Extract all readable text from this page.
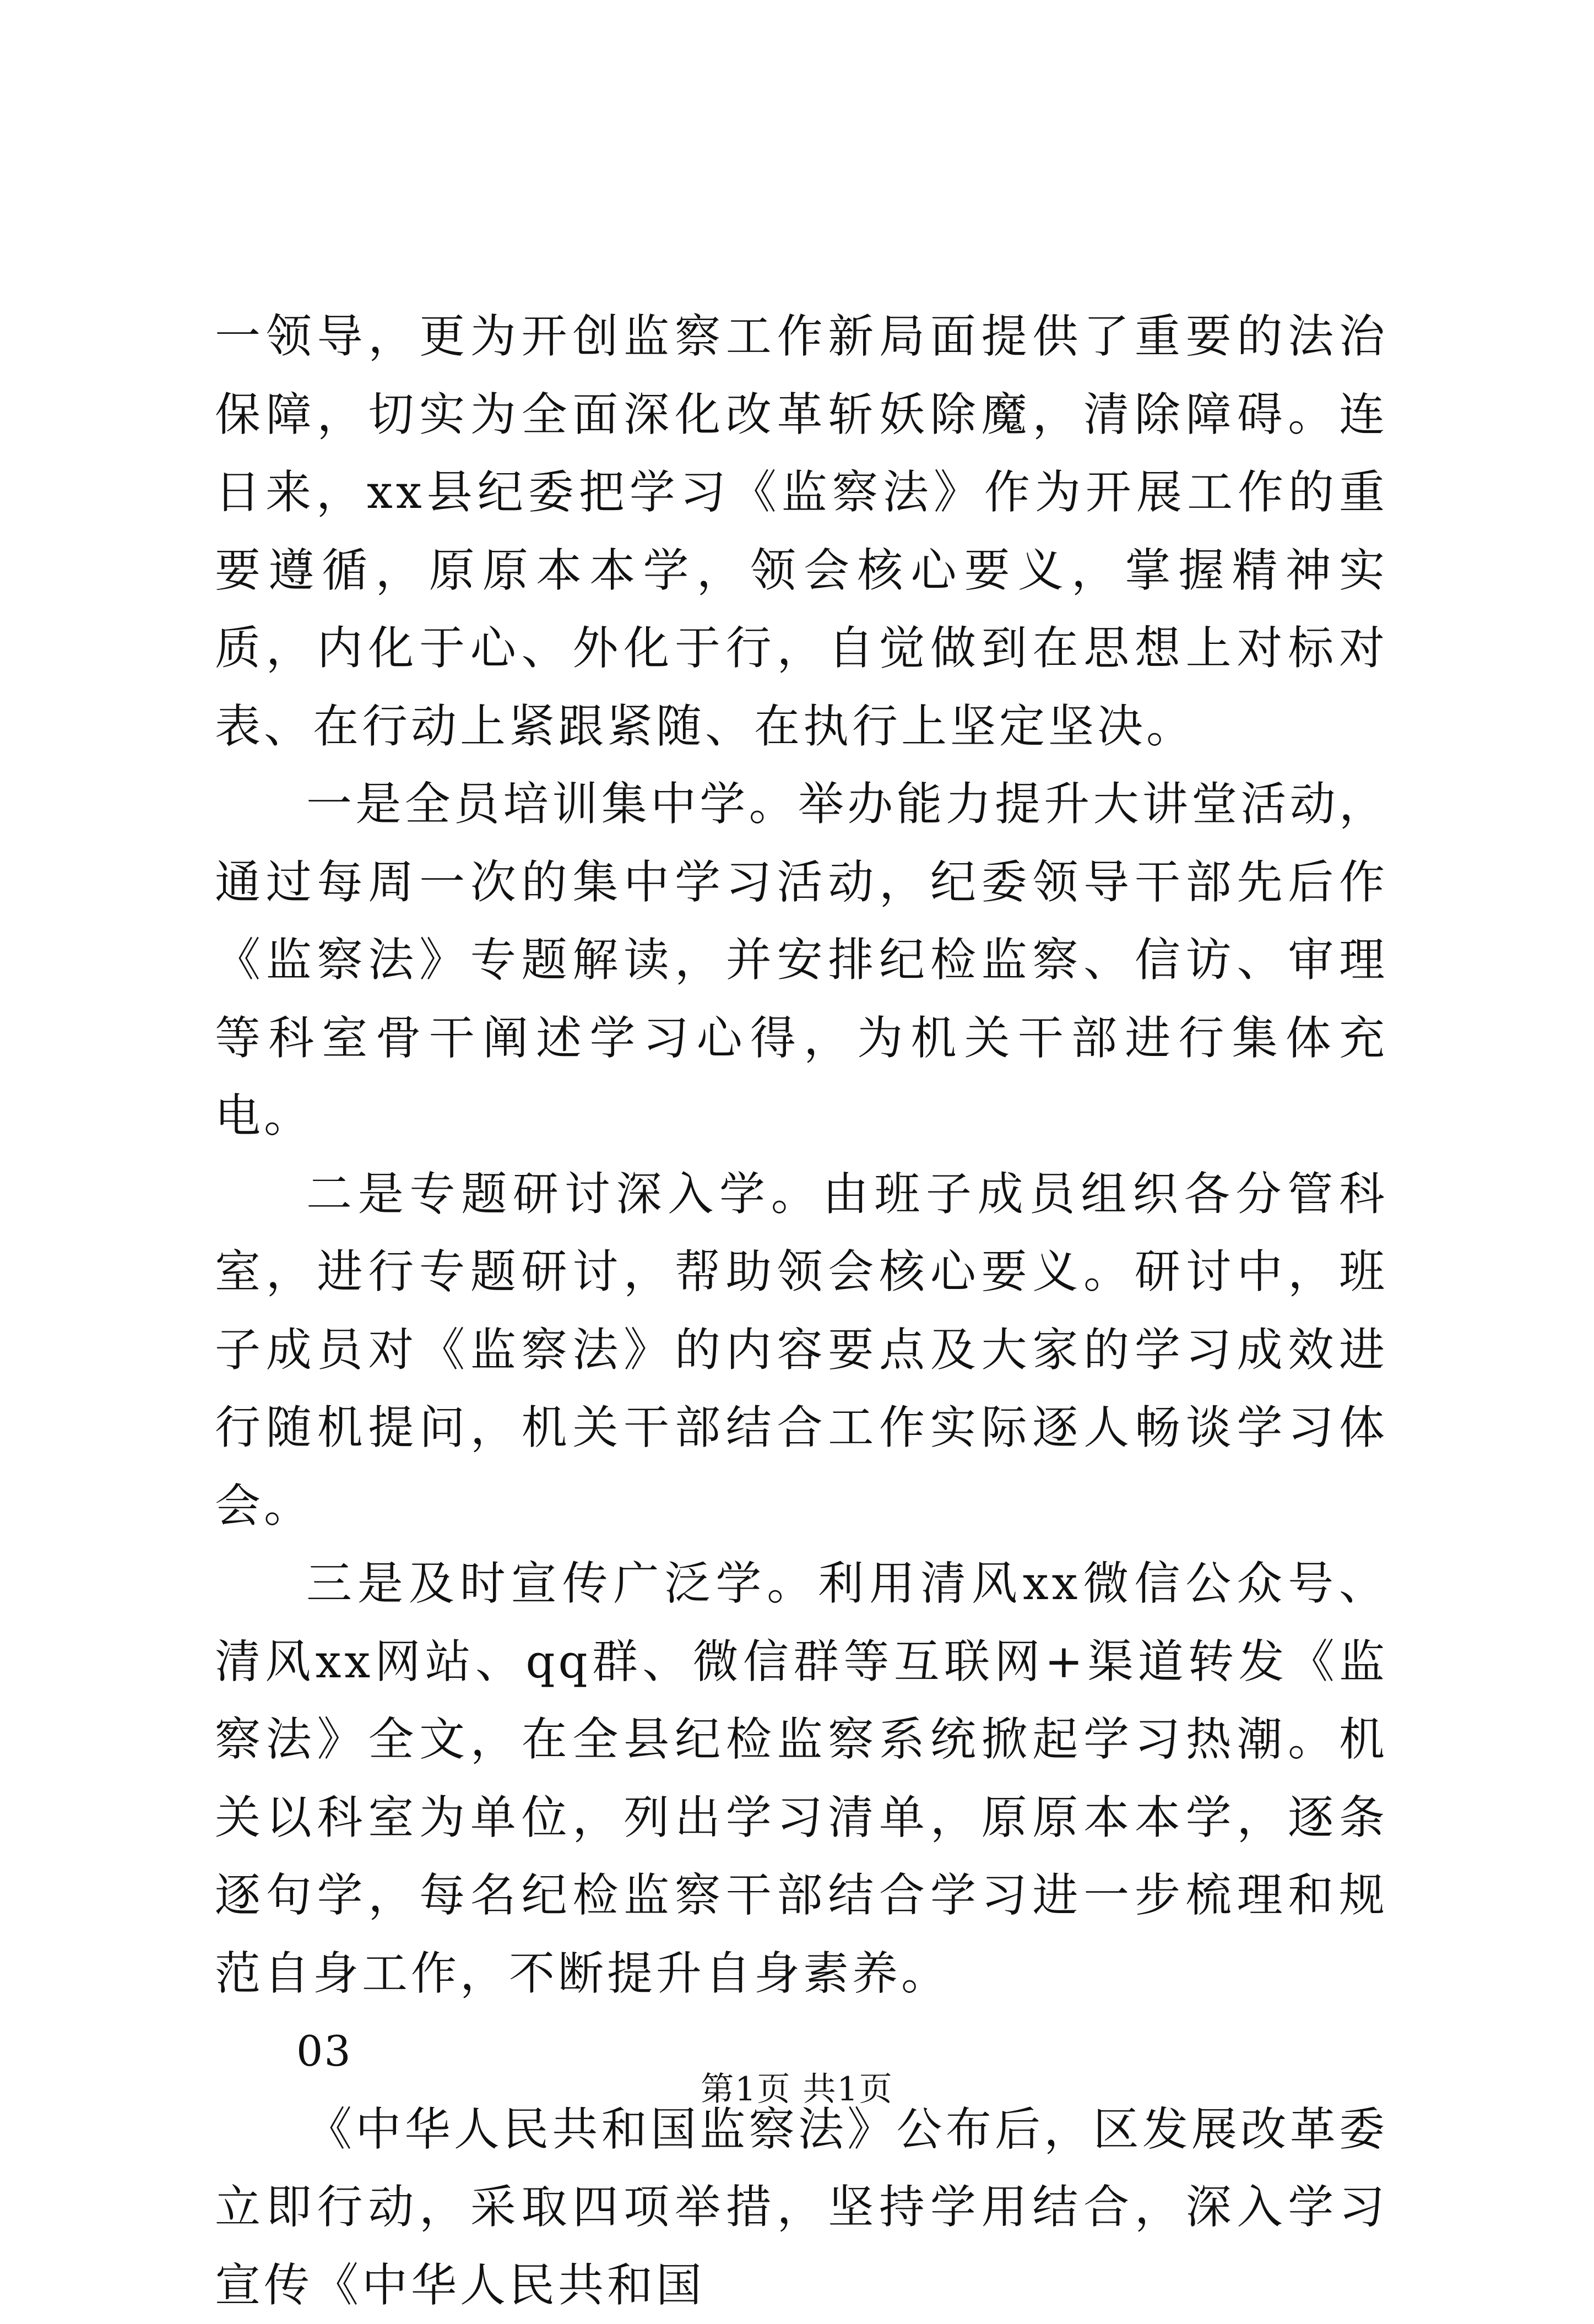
一领导，更为开创监察工作新局面提供了重要的法治保障，切实为全面深化改革斩妖除魔，清除障碍。连日来，xx县纪委把学习《监察法》作为开展工作的重要遵循，原原本本学，领会核心要义，掌握精神实质，内化于心、外化于行，自觉做到在思想上对标对表、在行动上紧跟紧随、在执行上坚定坚决。

一是全员培训集中学。举办能力提升大讲堂活动，通过每周一次的集中学习活动，纪委领导干部先后作《监察法》专题解读，并安排纪检监察、信访、审理等科室骨干阐述学习心得，为机关干部进行集体充电。

二是专题研讨深入学。由班子成员组织各分管科室，进行专题研讨，帮助领会核心要义。研讨中，班子成员对《监察法》的内容要点及大家的学习成效进行随机提问，机关干部结合工作实际逐人畅谈学习体会。

三是及时宣传广泛学。利用清风xx微信公众号、清风xx网站、qq群、微信群等互联网+渠道转发《监察法》全文，在全县纪检监察系统掀起学习热潮。机关以科室为单位，列出学习清单，原原本本学，逐条逐句学，每名纪检监察干部结合学习进一步梳理和规范自身工作，不断提升自身素养。

03

《中华人民共和国监察法》公布后，区发展改革委立即行动，采取四项举措，坚持学用结合，深入学习宣传《中华人民共和国

第1页 共1页
